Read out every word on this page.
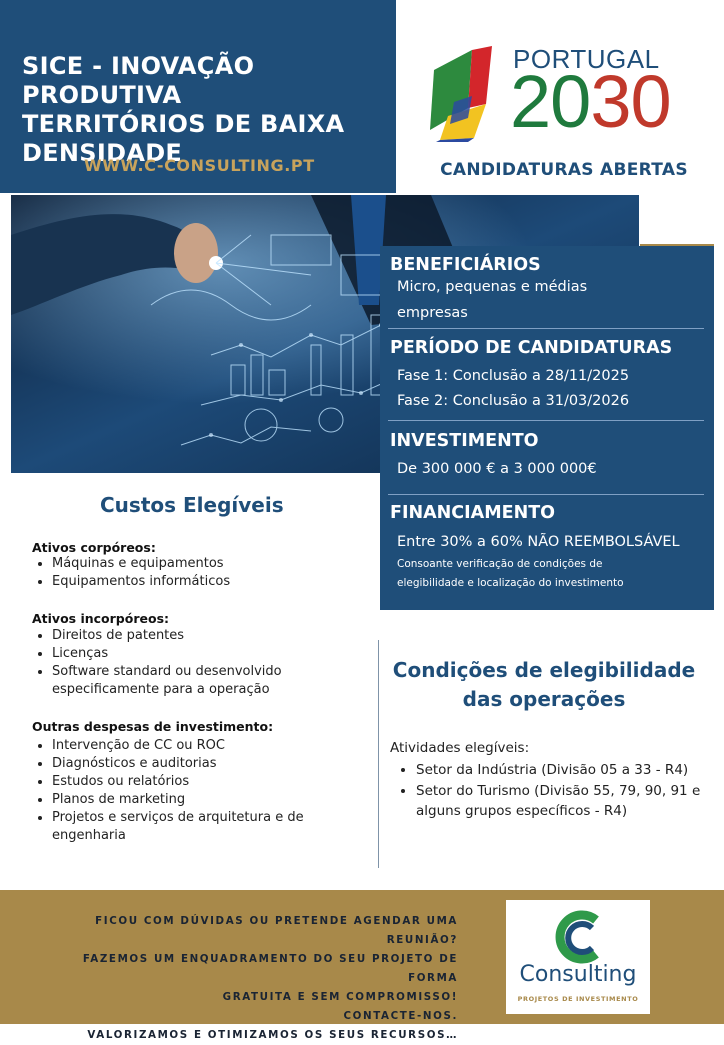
SICE - INOVAÇÃO PRODUTIVA
TERRITÓRIOS DE BAIXA
DENSIDADE
WWW.C-CONSULTING.PT
PORTUGAL
2030
CANDIDATURAS ABERTAS
BENEFICIÁRIOS
Micro, pequenas e médias
empresas
PERÍODO DE CANDIDATURAS
Fase 1: Conclusão a 28/11/2025
Fase 2: Conclusão a 31/03/2026
INVESTIMENTO
De 300 000 € a 3 000 000€
FINANCIAMENTO
Entre 30% a 60% NÃO REEMBOLSÁVEL
Consoante verificação de condições de
elegibilidade e localização do investimento
Custos Elegíveis
Ativos corpóreos:
• Máquinas e equipamentos
• Equipamentos informáticos
Ativos incorpóreos:
• Direitos de patentes
• Licenças
• Software standard ou desenvolvido especificamente para a operação
Outras despesas de investimento:
• Intervenção de CC ou ROC
• Diagnósticos e auditorias
• Estudos ou relatórios
• Planos de marketing
• Projetos e serviços de arquitetura e de engenharia
Condições de elegibilidade
das operações
Atividades elegíveis:
• Setor da Indústria (Divisão 05 a 33 - R4)
• Setor do Turismo (Divisão 55, 79, 90, 91 e alguns grupos específicos - R4)
FICOU COM DÚVIDAS OU PRETENDE AGENDAR UMA REUNIÃO?
FAZEMOS UM ENQUADRAMENTO DO SEU PROJETO DE FORMA
GRATUITA E SEM COMPROMISSO!
CONTACTE-NOS.
VALORIZAMOS E OTIMIZAMOS OS SEUS RECURSOS…
Consulting
PROJETOS DE INVESTIMENTO
